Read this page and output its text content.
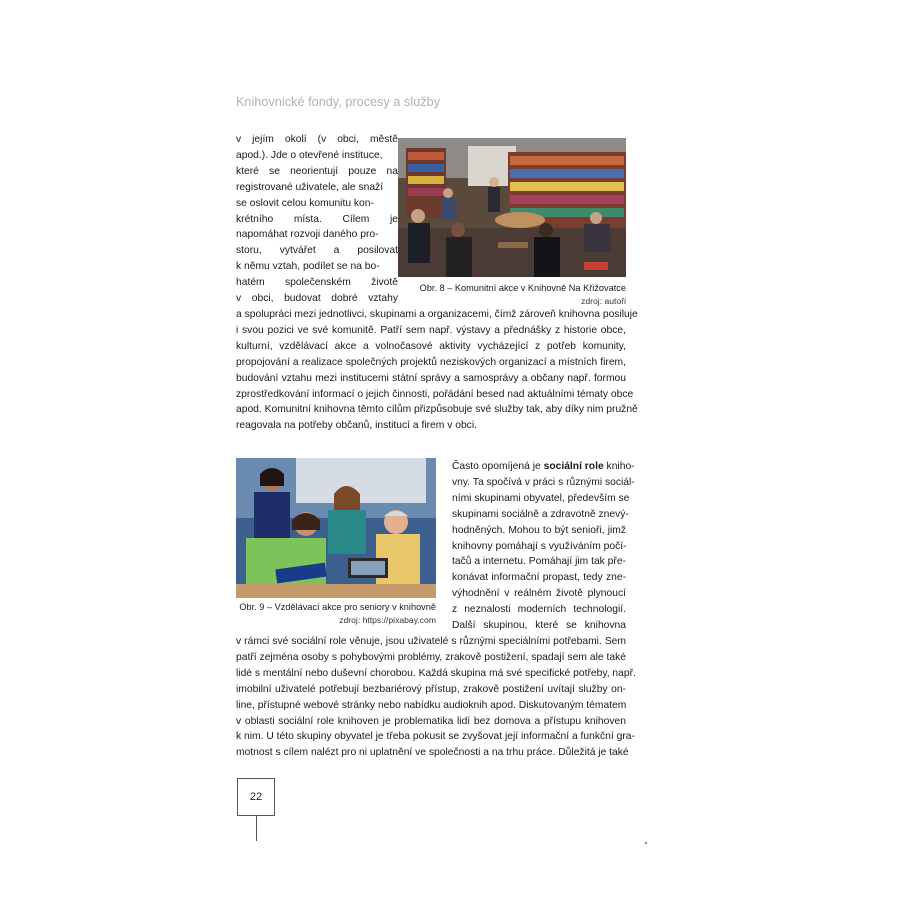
Knihovnické fondy, procesy a služby
v jejím okolí (v obci, městě
apod.). Jde o otevřené instituce,
které se neorientují pouze na
registrované uživatele, ale snaží
se oslovit celou komunitu kon-
krétního místa. Cílem je
napomáhat rozvoji daného pro-
storu, vytvářet a posilovat
k němu vztah, podílet se na bo-
hatém společenském životě
v obci, budovat dobré vztahy
Obr. 8 – Komunitní akce v Knihovně Na Křižovatce
zdroj: autoři
a spolupráci mezi jednotlivci, skupinami a organizacemi, čímž zároveň knihovna posiluje
i svou pozici ve své komunitě. Patří sem např. výstavy a přednášky z historie obce,
kulturní, vzdělávací akce a volnočasové aktivity vycházející z potřeb komunity,
propojování a realizace společných projektů neziskových organizací a místních firem,
budování vztahu mezi institucemi státní správy a samosprávy a občany např. formou
zprostředkování informací o jejich činnosti, pořádání besed nad aktuálními tématy obce
apod. Komunitní knihovna těmto cílům přizpůsobuje své služby tak, aby díky nim pružně
reagovala na potřeby občanů, institucí a firem v obci.
Obr. 9 – Vzdělávací akce pro seniory v knihovně
zdroj: https://pixabay.com
Často opomíjená je sociální role kniho-
vny. Ta spočívá v práci s různými sociál-
ními skupinami obyvatel, především se
skupinami sociálně a zdravotně znevý-
hodněných. Mohou to být senioři, jimž
knihovny pomáhají s využíváním počí-
tačů a internetu. Pomáhají jim tak pře-
konávat informační propast, tedy zne-
výhodnění v reálném životě plynoucí
z neznalosti moderních technologií.
Další skupinou, které se knihovna
v rámci své sociální role věnuje, jsou uživatelé s různými speciálními potřebami. Sem
patří zejména osoby s pohybovými problémy, zrakově postižení, spadají sem ale také
lidé s mentální nebo duševní chorobou. Každá skupina má své specifické potřeby, např.
imobilní uživatelé potřebují bezbariérový přístup, zrakově postižení uvítají služby on-
line, přístupné webové stránky nebo nabídku audioknih apod. Diskutovaným tématem
v oblasti sociální role knihoven je problematika lidí bez domova a přístupu knihoven
k nim. U této skupiny obyvatel je třeba pokusit se zvyšovat její informační a funkční gra-
motnost s cílem nalézt pro ni uplatnění ve společnosti a na trhu práce. Důležitá je také
22
